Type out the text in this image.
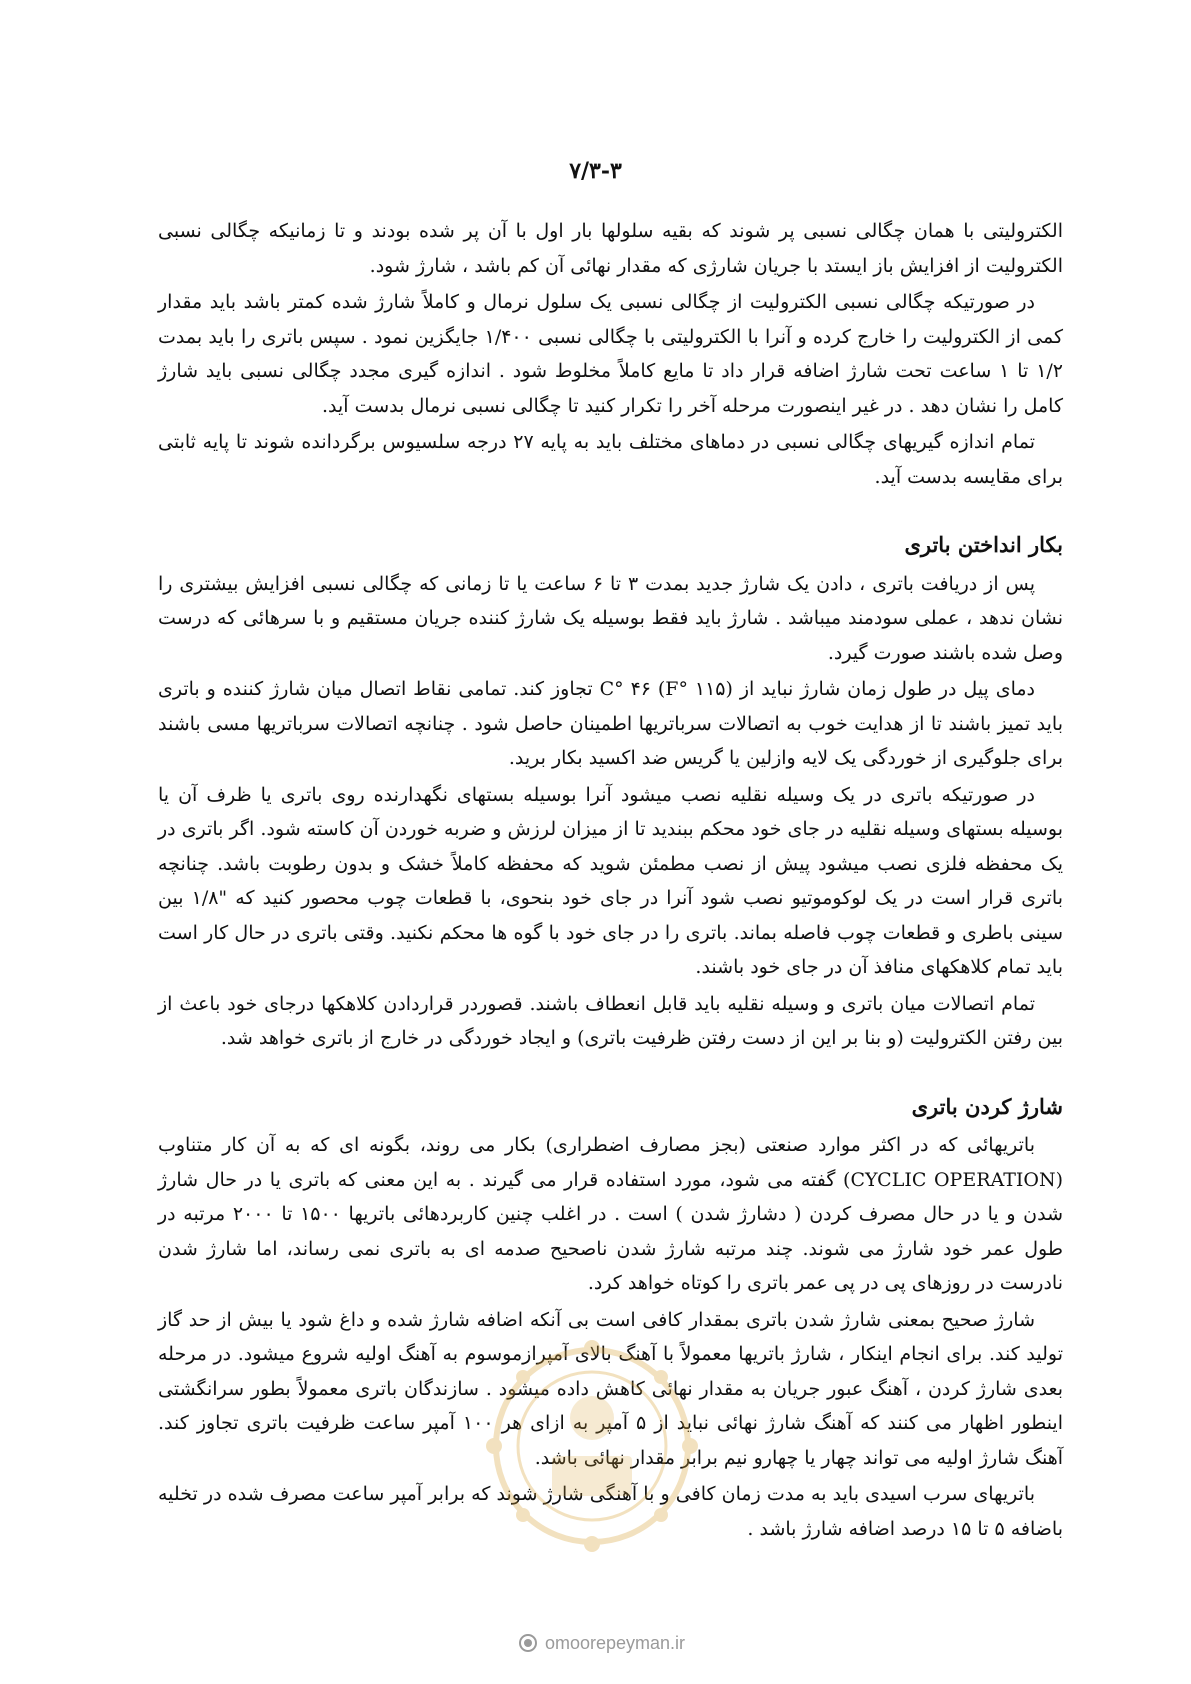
۷/۳-۳

الکترولیتی با همان چگالی نسبی پر شوند که بقیه سلولها بار اول با آن پر شده بودند و تا زمانیکه چگالی نسبی الکترولیت از افزایش باز ایستد با جریان شارژی که مقدار نهائی آن کم باشد ، شارژ شود.

در صورتیکه چگالی نسبی الکترولیت از چگالی نسبی یک سلول نرمال و کاملاً شارژ شده کمتر باشد باید مقدار کمی از الکترولیت را خارج کرده و آنرا با الکترولیتی با چگالی نسبی ۱/۴۰۰ جایگزین نمود . سپس باتری را باید بمدت ۱/۲ تا ۱ ساعت تحت شارژ اضافه قرار داد تا مایع کاملاً مخلوط شود . اندازه گیری مجدد چگالی نسبی باید شارژ کامل را نشان دهد . در غیر اینصورت مرحله آخر را تکرار کنید تا چگالی نسبی نرمال بدست آید.

تمام اندازه گیریهای چگالی نسبی در دماهای مختلف باید به پایه ۲۷ درجه سلسیوس برگردانده شوند تا پایه ثابتی برای مقایسه بدست آید.

بکار انداختن باتری

پس از دریافت باتری ، دادن یک شارژ جدید بمدت ۳ تا ۶ ساعت یا تا زمانی که چگالی نسبی افزایش بیشتری را نشان ندهد ، عملی سودمند میباشد . شارژ باید فقط بوسیله یک شارژ کننده جریان مستقیم و با سرهائی که درست وصل شده باشند صورت گیرد.

دمای پیل در طول زمان شارژ نباید از C° ۴۶ (F° ۱۱۵) تجاوز کند. تمامی نقاط اتصال میان شارژ کننده و باتری باید تمیز باشند تا از هدایت خوب به اتصالات سرباتریها اطمینان حاصل شود . چنانچه اتصالات سرباتریها مسی باشند برای جلوگیری از خوردگی یک لایه وازلین یا گریس ضد اکسید بکار برید.

در صورتیکه باتری در یک وسیله نقلیه نصب میشود آنرا بوسیله بستهای نگهدارنده روی باتری یا ظرف آن یا بوسیله بستهای وسیله نقلیه در جای خود محکم ببندید تا از میزان لرزش و ضربه خوردن آن کاسته شود. اگر باتری در یک محفظه فلزی نصب میشود پیش از نصب مطمئن شوید که محفظه کاملاً خشک و بدون رطوبت باشد. چنانچه باتری قرار است در یک لوکوموتیو نصب شود آنرا در جای خود بنحوی، با قطعات چوب محصور کنید که "۱/۸ بین سینی باطری و قطعات چوب فاصله بماند. باتری را در جای خود با گوه ها محکم نکنید. وقتی باتری در حال کار است باید تمام کلاهکهای منافذ آن در جای خود باشند.

تمام اتصالات میان باتری و وسیله نقلیه باید قابل انعطاف باشند. قصوردر قراردادن کلاهکها درجای خود باعث از بین رفتن الکترولیت (و بنا بر این از دست رفتن ظرفیت باتری) و ایجاد خوردگی در خارج از باتری خواهد شد.

شارژ کردن باتری

باتریهائی که در اکثر موارد صنعتی (بجز مصارف اضطراری) بکار می روند، بگونه ای که به آن کار متناوب (CYCLIC OPERATION) گفته می شود، مورد استفاده قرار می گیرند . به این معنی که باتری یا در حال شارژ شدن و یا در حال مصرف کردن ( دشارژ شدن ) است . در اغلب چنین کاربردهائی باتریها ۱۵۰۰ تا ۲۰۰۰ مرتبه در طول عمر خود شارژ می شوند. چند مرتبه شارژ شدن ناصحیح صدمه ای به باتری نمی رساند، اما شارژ شدن نادرست در روزهای پی در پی عمر باتری را کوتاه خواهد کرد.

شارژ صحیح بمعنی شارژ شدن باتری بمقدار کافی است بی آنکه اضافه شارژ شده و داغ شود یا بیش از حد گاز تولید کند. برای انجام اینکار ، شارژ باتریها معمولاً با آهنگ بالای آمپرازموسوم به آهنگ اولیه شروع میشود. در مرحله بعدی شارژ کردن ، آهنگ عبور جریان به مقدار نهائی کاهش داده میشود . سازندگان باتری معمولاً بطور سرانگشتی اینطور اظهار می کنند که آهنگ شارژ نهائی نباید از ۵ آمپر به ازای هر ۱۰۰ آمپر ساعت ظرفیت باتری تجاوز کند. آهنگ شارژ اولیه می تواند چهار یا چهارو نیم برابر مقدار نهائی باشد.

باتریهای سرب اسیدی باید به مدت زمان کافی و با آهنگی شارژ شوند که برابر آمپر ساعت مصرف شده در تخلیه باضافه ۵ تا ۱۵ درصد اضافه شارژ باشد .

omoorepeyman.ir
